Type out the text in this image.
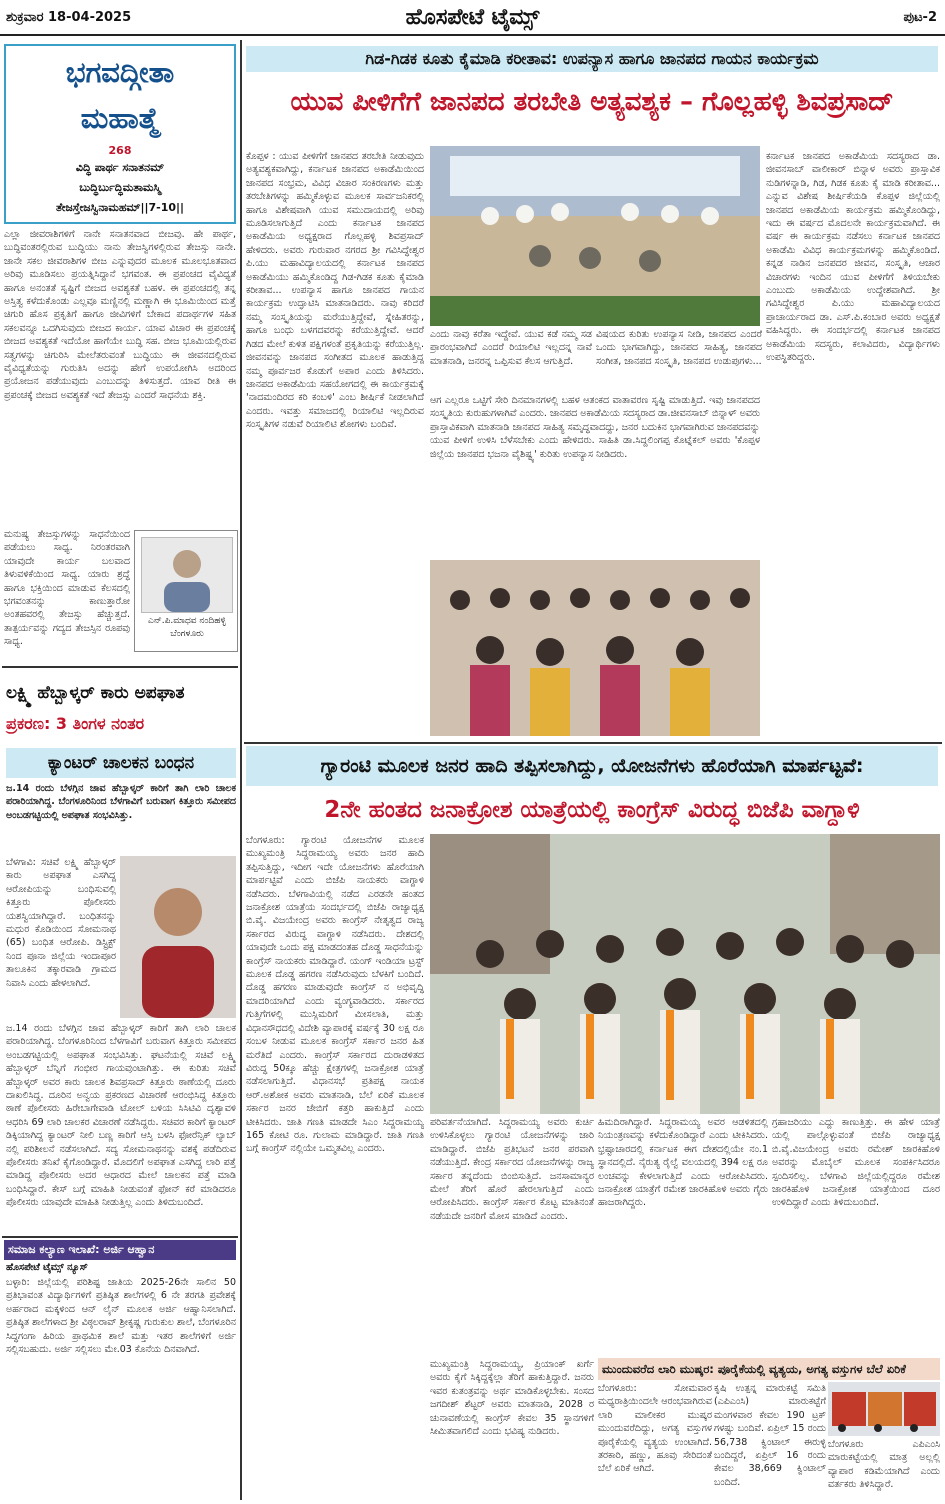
ಶುಕ್ರವಾರ 18-04-2025	ಹೊಸಪೇಟೆ ಟೈಮ್ಸ್	ಪುಟ-2
ಭಗವದ್ಗೀತಾ
ಮಹಾತ್ಮೆ
268
ವಿದ್ಧಿ ಪಾರ್ಥ ಸನಾತನಮ್
ಬುದ್ಧಿರ್ಬುದ್ಧಿಮತಾಮಸ್ಮಿ
ತೇಜಸ್ತೇಜಸ್ವಿನಾಮಹಮ್||7-10||
ಎಲ್ಲಾ ಜೀವರಾಶಿಗಳಿಗೆ ನಾನೇ ಸನಾತನವಾದ ಬೀಜವು. ಹೇ ಪಾರ್ಥ, ಬುದ್ಧಿವಂತರಲ್ಲಿರುವ ಬುದ್ಧಿಯು ನಾನು ತೇಜಸ್ವಿಗಳಲ್ಲಿರುವ ತೇಜಸ್ಸು ನಾನೇ. ಜಾನೇ ಸಕಲ ಜೀವರಾಶಿಗಳ ಬೀಜ ಎನ್ನುವುದರ ಮೂಲಕ ಮೂಲಭೂತವಾದ ಅರಿವು ಮೂಡಿಸಲು ಪ್ರಯತ್ನಿಸಿದ್ದಾನೆ ಭಗವಂತ. ಈ ಪ್ರಪಂಚದ ವೈವಿಧ್ಯತೆ ಹಾಗೂ ಅನಂತತೆ ಸೃಷ್ಟಿಗೆ ಬೀಜದ ಅವಶ್ಯಕತೆ ಬಹಳ. ಈ ಪ್ರಪಂಚದಲ್ಲಿ ತನ್ನ ಅಸ್ತಿತ್ವ ಕಳೆದುಕೊಂಡು ಎಲ್ಲವೂ ಮಣ್ಣಿನಲ್ಲಿ ಮಣ್ಣಾಗಿ ಈ ಭೂಮಿಯಿಂದ ಮತ್ತೆ ಚಿಗುರಿ ಹೊಸ ಪ್ರಕೃತಿಗೆ ಹಾಗೂ ಜೀವಿಗಳಿಗೆ ಬೇಕಾದ ಪದಾರ್ಥಗಳ ಸಹಿತ ಸಕಲವನ್ನೂ ಒದಗಿಸುವುದು ಬೀಜದ ಕಾರ್ಯ. ಯಾವ ವಿಚಾರ ಈ ಪ್ರಪಂಚಕ್ಕೆ ಬೀಜದ ಅವಶ್ಯಕತೆ ಇದೆಯೋ ಹಾಗೆಯೇ ಬುದ್ಧಿ ಸಹ. ಬೀಜ ಭೂಮಿಯಲ್ಲಿರುವ ಸತ್ವಗಳನ್ನು ಚಿಗುರಿಸಿ ಮೇಲೆತರುವಂತೆ ಬುದ್ಧಿಯು ಈ ಜೀವನದಲ್ಲಿರುವ ವೈವಿಧ್ಯತೆಯನ್ನು ಗುರುತಿಸಿ ಅದನ್ನು ಹೇಗೆ ಉಪಯೋಗಿಸಿ ಅದರಿಂದ ಪ್ರಯೋಜನ ಪಡೆಯುವುದು ಎಂಬುದನ್ನು ತಿಳಿಸುತ್ತದೆ. ಯಾವ ರೀತಿ ಈ ಪ್ರಪಂಚಕ್ಕೆ ಬೀಜದ ಅವಶ್ಯಕತೆ ಇದೆ ತೇಜಸ್ಸು ಎಂದರೆ ಸಾಧನೆಯ ಶಕ್ತಿ.
ಮನುಷ್ಯ ತೇಜಸ್ಸುಗಳನ್ನು ಸಾಧನೆಯಿಂದ ಪಡೆಯಲು ಸಾಧ್ಯ. ನಿರಂತರವಾಗಿ ಯಾವುದೇ ಕಾರ್ಯ ಬಲವಾದ ತಿಳುವಳಿಕೆಯಿಂದ ಸಾಧ್ಯ. ಯಾರು ಶ್ರದ್ಧೆ ಹಾಗೂ ಭಕ್ತಿಯಿಂದ ಮಾಡುವ ಕೆಲಸದಲ್ಲಿ ಭಗವಂತನನ್ನು ಕಾಣುತ್ತಾರೋ ಅಂತಹವರಲ್ಲಿ ತೇಜಸ್ಸು ಹೆಚ್ಚುತ್ತದೆ. ತಾತ್ಪರ್ಯವನ್ನು ಗದ್ಯದ ತೇಜಸ್ಸಿನ ರೂಪವು ಸಾಧ್ಯ.
ಎನ್.ಪಿ.ಮಾಧವ ನಂದಿಹಳ್ಳಿ ಬೆಂಗಳೂರು
ಲಕ್ಷ್ಮಿ ಹೆಬ್ಬಾಳ್ಕರ್ ಕಾರು ಅಪಘಾತ
ಪ್ರಕರಣ: 3 ತಿಂಗಳ ನಂತರ
ಕ್ಯಾಂಟರ್ ಚಾಲಕನ ಬಂಧನ
ಜ.14 ರಂದು ಬೆಳಗ್ಗಿನ ಜಾವ ಹೆಬ್ಬಾಳ್ಕರ್ ಕಾರಿಗೆ ತಾಗಿ ಲಾರಿ ಚಾಲಕ ಪರಾರಿಯಾಗಿದ್ದ. ಬೆಂಗಳೂರಿನಿಂದ ಬೆಳಗಾವಿಗೆ ಬರುವಾಗ ಕಿತ್ತೂರು ಸಮೀಪದ ಅಂಬಡಗಟ್ಟಿಯಲ್ಲಿ ಅಪಘಾತ ಸಂಭವಿಸಿತ್ತು.
ಬೆಳಗಾವಿ: ಸಚಿವೆ ಲಕ್ಷ್ಮಿ ಹೆಬ್ಬಾಳ್ಕರ್ ಕಾರು ಅಪಘಾತ ಎಸಗಿದ್ದ ಆರೋಪಿಯನ್ನು ಬಂಧಿಸುವಲ್ಲಿ ಕಿತ್ತೂರು ಪೊಲೀಸರು ಯಶಸ್ವಿಯಾಗಿದ್ದಾರೆ. ಬಂಧಿತನನ್ನು ಮಧುರ ಕೊಡಿಯಿಂದ ಸೋಮನಾಥ (65) ಬಂಧಿತ ಆರೋಪಿ. ಡಿಸ್ಟ್ರಿಕ್ಟ್ ನಿಂದ ಪೂನಾ ಜಿಲ್ಲೆಯ ಇಂದಾಪೂರ ತಾಲೂಕಿನ ತಕ್ಕಾರವಾಡಿ ಗ್ರಾಮದ ನಿವಾಸಿ ಎಂದು ಹೇಳಲಾಗಿದೆ.
ಜ.14 ರಂದು ಬೆಳಗ್ಗಿನ ಜಾವ ಹೆಬ್ಬಾಳ್ಕರ್ ಕಾರಿಗೆ ತಾಗಿ ಲಾರಿ ಚಾಲಕ ಪರಾರಿಯಾಗಿದ್ದ. ಬೆಂಗಳೂರಿನಿಂದ ಬೆಳಗಾವಿಗೆ ಬರುವಾಗ ಕಿತ್ತೂರು ಸಮೀಪದ ಅಂಬಡಗಟ್ಟಿಯಲ್ಲಿ ಅಪಘಾತ ಸಂಭವಿಸಿತ್ತು. ಘಟನೆಯಲ್ಲಿ ಸಚಿವೆ ಲಕ್ಷ್ಮಿ ಹೆಬ್ಬಾಳ್ಕರ್ ಬೆನ್ನಿಗೆ ಗಂಭೀರ ಗಾಯವುಂಟಾಗಿತ್ತು. ಈ ಕುರಿತು ಸಚಿವೆ ಹೆಬ್ಬಾಳ್ಕರ್ ಅವರ ಕಾರು ಚಾಲಕ ಶಿವಪ್ರಸಾದ್ ಕಿತ್ತೂರು ಠಾಣೆಯಲ್ಲಿ ದೂರು ದಾಖಲಿಸಿದ್ದ. ದೂರಿನ ಅನ್ವಯ ಪ್ರಕರಣದ ವಿಚಾರಣೆ ಆರಂಭಿಸಿದ್ದ ಕಿತ್ತೂರು ಠಾಣೆ ಪೊಲೀಸರು ಹಿರೇಬಾಗೇವಾಡಿ ಟೋಲ್ ಬಳಿಯ ಸಿಸಿಟಿವಿ ದೃಶ್ಯಾವಳಿ ಆಧರಿಸಿ 69 ಲಾರಿ ಚಾಲಕರ ವಿಚಾರಣೆ ನಡೆಸಿದ್ದರು. ಸಚಿವರ ಕಾರಿಗೆ ಕ್ಯಾಂಟರ್ ಡಿಕ್ಕಿಯಾಗಿದ್ದ ಕ್ಯಾಂಟರ್ ನೀಲಿ ಬಣ್ಣ ಕಾರಿಗೆ ಆಸ್ತಿ ಬಳಸಿ ಫೋರೆನ್ಸಿಕ್ ಲ್ಯಾಬ್ ನಲ್ಲಿ ಪರಿಶೀಲನೆ ನಡೆಸಲಾಗಿದೆ. ಸದ್ಯ ಸೋಮನಾಥನನ್ನು ವಶಕ್ಕೆ ಪಡೆದಿರುವ ಪೊಲೀಸರು ತನಿಖೆ ಕೈಗೊಂಡಿದ್ದಾರೆ. ಮೊದಲಿಗೆ ಅಪಘಾತ ಎಸಗಿದ್ದ ಲಾರಿ ಪತ್ತೆ ಮಾಡಿದ್ದ ಪೊಲೀಸರು ಅದರ ಆಧಾರದ ಮೇಲೆ ಚಾಲಕನ ಪತ್ತೆ ಮಾಡಿ ಬಂಧಿಸಿದ್ದಾರೆ. ಕೇಸ್ ಬಗ್ಗೆ ಮಾಹಿತಿ ನೀಡುವಂತೆ ಫೋನ್ ಕರೆ ಮಾಡಿದರೂ ಪೊಲೀಸರು ಯಾವುದೇ ಮಾಹಿತಿ ನೀಡುತ್ತಿಲ್ಲ ಎಂದು ತಿಳಿದುಬಂದಿದೆ.
ಸಮಾಜ ಕಲ್ಯಾಣ ಇಲಾಖೆ: ಅರ್ಜಿ ಆಹ್ವಾನ
ಹೊಸಪೇಟೆ ಟೈಮ್ಸ್ ನ್ಯೂಸ್
ಬಳ್ಳಾರಿ: ಜಿಲ್ಲೆಯಲ್ಲಿ ಪರಿಶಿಷ್ಟ ಜಾತಿಯ 2025-26ನೇ ಸಾಲಿನ 50 ಪ್ರತಿಭಾವಂತ ವಿದ್ಯಾರ್ಥಿಗಳಿಗೆ ಪ್ರತಿಷ್ಠಿತ ಶಾಲೆಗಳಲ್ಲಿ 6 ನೇ ತರಗತಿ ಪ್ರವೇಶಕ್ಕೆ ಅರ್ಹರಾದ ಮಕ್ಕಳಿಂದ ಆನ್ ಲೈನ್ ಮೂಲಕ ಅರ್ಜಿ ಆಹ್ವಾನಿಸಲಾಗಿದೆ. ಪ್ರತಿಷ್ಠಿತ ಶಾಲೆಗಳಾದ ಶ್ರೀ ವಿಠ್ಠಲರಾವ್ ಶ್ರೀಕೃಷ್ಣ ಗುರುಕುಲ ಶಾಲೆ, ಬೆಂಗಳೂರಿನ ಸಿದ್ಧಗಂಗಾ ಹಿರಿಯ ಪ್ರಾಥಮಿಕ ಶಾಲೆ ಮತ್ತು ಇತರ ಶಾಲೆಗಳಿಗೆ ಅರ್ಜಿ ಸಲ್ಲಿಸಬಹುದು. ಅರ್ಜಿ ಸಲ್ಲಿಸಲು ಮೇ.03 ಕೊನೆಯ ದಿನವಾಗಿದೆ.
ಗಿಡ-ಗಿಡಕ ಕೂತು ಕೈಮಾಡಿ ಕರೀತಾವ: ಉಪನ್ಯಾಸ ಹಾಗೂ ಜಾನಪದ ಗಾಯನ ಕಾರ್ಯಕ್ರಮ
ಯುವ ಪೀಳಿಗೆಗೆ ಜಾನಪದ ತರಬೇತಿ ಅತ್ಯವಶ್ಯಕ – ಗೊಲ್ಲಹಳ್ಳಿ ಶಿವಪ್ರಸಾದ್
ಕೊಪ್ಪಳ : ಯುವ ಪೀಳಿಗೆಗೆ ಜಾನಪದ ತರಬೇತಿ ನೀಡುವುದು ಅತ್ಯವಶ್ಯಕವಾಗಿದ್ದು, ಕರ್ನಾಟಕ ಜಾನಪದ ಅಕಾಡೆಮಿಯಿಂದ ಜಾನಪದ ಸಂಭ್ರಮ, ವಿವಿಧ ವಿಚಾರ ಸಂಕಿರಣಗಳು ಮತ್ತು ತರಬೇತಿಗಳನ್ನು ಹಮ್ಮಿಕೊಳ್ಳುವ ಮೂಲಕ ಸಾರ್ವಜನಿಕರಲ್ಲಿ ಹಾಗೂ ವಿಶೇಷವಾಗಿ ಯುವ ಸಮುದಾಯದಲ್ಲಿ ಅರಿವು ಮೂಡಿಸಲಾಗುತ್ತಿದೆ ಎಂದು ಕರ್ನಾಟಕ ಜಾನಪದ ಅಕಾಡೆಮಿಯ ಅಧ್ಯಕ್ಷರಾದ ಗೊಲ್ಲಹಳ್ಳಿ ಶಿವಪ್ರಸಾದ್ ಹೇಳಿದರು. ಅವರು ಗುರುವಾರ ನಗರದ ಶ್ರೀ ಗವಿಸಿದ್ಧೇಶ್ವರ ಪಿ.ಯು ಮಹಾವಿದ್ಯಾಲಯದಲ್ಲಿ ಕರ್ನಾಟಕ ಜಾನಪದ ಅಕಾಡೆಮಿಯು ಹಮ್ಮಿಕೊಂಡಿದ್ದ ಗಿಡ-ಗಿಡಕ ಕೂತು ಕೈಮಾಡಿ ಕರೀತಾವ... ಉಪನ್ಯಾಸ ಹಾಗೂ ಜಾನಪದ ಗಾಯನ ಕಾರ್ಯಕ್ರಮ ಉದ್ಘಾಟಿಸಿ ಮಾತನಾಡಿದರು. ನಾವು ಕರಿದರೆ ನಮ್ಮ ಸಂಸ್ಕೃತಿಯನ್ನು ಮರೆಯುತ್ತಿದ್ದೇವೆ, ಸ್ನೇಹಿತರನ್ನು, ಹಾಗೂ ಬಂಧು ಬಳಗದವರನ್ನು ಕರೆಯುತ್ತಿದ್ದೇವೆ. ಆದರೆ ಗಿಡದ ಮೇಲೆ ಕುಳಿತ ಪಕ್ಷಿಗಳಂತೆ ಪ್ರಕೃತಿಯನ್ನು ಕರೆಯುತ್ತಿಲ್ಲ. ಜೀವನವನ್ನು ಜಾನಪದ ಸಂಗೀತದ ಮೂಲಕ ಹಾಡುತ್ತಿದ್ದ ನಮ್ಮ ಪೂರ್ವಜರ ಕೊಡುಗೆ ಅಪಾರ ಎಂದು ತಿಳಿಸಿದರು. ಜಾನಪದ ಅಕಾಡೆಮಿಯ ಸಹಯೋಗದಲ್ಲಿ ಈ ಕಾರ್ಯಕ್ರಮಕ್ಕೆ 'ನಾದಮಂದಿರದ ಕರಿ ಕಂಬಳಿ' ಎಂಬ ಶೀರ್ಷಿಕೆ ನೀಡಲಾಗಿದೆ ಎಂದರು. ಇವತ್ತು ಸಮಾಜದಲ್ಲಿ ರಿಯಾಲಿಟಿ ಇಲ್ಲದಿರುವ ಸಂಸ್ಕೃತಿಗಳ ನಡುವೆ ರಿಯಾಲಿಟಿ ಶೋಗಳು ಬಂದಿವೆ.
ಎಂದು ನಾವು ಕರೆತಾ ಇದ್ದೇವೆ. ಯುವ ಕಡೆ ನಮ್ಮ ಸಡ ಪ್ರಾರಂಭವಾಗಿದೆ ಎಂದರೆ ರಿಯಾಲಿಟಿ ಇಲ್ಲದನ್ನ ನಾವೆ ಮಾತನಾಡಿ, ಜನರನ್ನ ಒಪ್ಪಿಸುವ ಕೆಲಸ ಆಗುತ್ತಿದೆ.
ವಿಷಯದ ಕುರಿತು ಉಪನ್ಯಾಸ ನೀಡಿ, ಜಾನಪದ ಎಂದರೆ ಒಂದು ಭಾಗವಾಗಿದ್ದು, ಜಾನಪದ ಸಾಹಿತ್ಯ, ಜಾನಪದ ಸಂಗೀತ, ಜಾನಪದ ಸಂಸ್ಕೃತಿ, ಜಾನಪದ ಉಡುಪುಗಳು...
ಆಗ ಎಲ್ಲರೂ ಒಟ್ಟಿಗೆ ಸೇರಿ ದಿನಮಾನಗಳಲ್ಲಿ ಬಹಳ ಆತಂಕದ ವಾತಾವರಣ ಸೃಷ್ಟಿ ಮಾಡುತ್ತಿದೆ. ಇವು ಜಾನಪದದ ಸಂಸ್ಕೃತಿಯ ಕುರುಹುಗಳಾಗಿವೆ ಎಂದರು. ಜಾನಪದ ಅಕಾಡೆಮಿಯ ಸದಸ್ಯರಾದ ಡಾ.ಜೀವನಸಾಬ್ ಬಿನ್ನಾಳ್ ಅವರು ಪ್ರಾಸ್ತಾವಿಕವಾಗಿ ಮಾತನಾಡಿ ಜಾನಪದ ಸಾಹಿತ್ಯ ಸಮೃದ್ಧವಾದದ್ದು, ಜನರ ಬದುಕಿನ ಭಾಗವಾಗಿರುವ ಜಾನಪದವನ್ನು ಯುವ ಪೀಳಿಗೆ ಉಳಿಸಿ ಬೆಳೆಸಬೇಕು ಎಂದು ಹೇಳಿದರು. ಸಾಹಿತಿ ಡಾ.ಸಿದ್ದಲಿಂಗಪ್ಪ ಕೊಟ್ನೆಕಲ್ ಅವರು 'ಕೊಪ್ಪಳ ಜಿಲ್ಲೆಯ ಜಾನಪದ ಭಜನಾ ವೈಶಿಷ್ಟ್ಯ' ಕುರಿತು ಉಪನ್ಯಾಸ ನೀಡಿದರು.
ಕರ್ನಾಟಕ ಜಾನಪದ ಅಕಾಡೆಮಿಯ ಸದಸ್ಯರಾದ ಡಾ. ಜೀವನಸಾಬ್ ವಾಲೀಕಾರ್ ಬಿನ್ನಾಳ ಅವರು ಪ್ರಾಸ್ತಾವಿಕ ನುಡಿಗಳನ್ನಾಡಿ, ಗಿಡ, ಗಿಡಕ ಕೂತು ಕೈ ಮಾಡಿ ಕರೀತಾವ... ಎನ್ನುವ ವಿಶೇಷ ಶೀರ್ಷಿಕೆಯಡಿ ಕೊಪ್ಪಳ ಜಿಲ್ಲೆಯಲ್ಲಿ ಜಾನಪದ ಅಕಾಡೆಮಿಯ ಕಾರ್ಯಕ್ರಮ ಹಮ್ಮಿಕೊಂಡಿದ್ದು, ಇದು ಈ ವರ್ಷದ ಮೊದಲನೇ ಕಾರ್ಯಕ್ರಮವಾಗಿದೆ. ಈ ವರ್ಷ ಈ ಕಾರ್ಯಕ್ರಮ ನಡೆಸಲು ಕರ್ನಾಟಕ ಜಾನಪದ ಅಕಾಡೆಮಿ ವಿವಿಧ ಕಾರ್ಯಕ್ರಮಗಳನ್ನು ಹಮ್ಮಿಕೊಂಡಿದೆ. ಕನ್ನಡ ನಾಡಿನ ಜನಪದರ ಜೀವನ, ಸಂಸ್ಕೃತಿ, ಆಚಾರ ವಿಚಾರಗಳು ಇಂದಿನ ಯುವ ಪೀಳಿಗೆಗೆ ತಿಳಿಯಬೇಕು ಎಂಬುದು ಅಕಾಡೆಮಿಯ ಉದ್ದೇಶವಾಗಿದೆ. ಶ್ರೀ ಗವಿಸಿದ್ಧೇಶ್ವರ ಪಿ.ಯು ಮಹಾವಿದ್ಯಾಲಯದ ಪ್ರಾಚಾರ್ಯರಾದ ಡಾ. ಎಸ್.ಪಿ.ಕಂಬಾರ ಅವರು ಅಧ್ಯಕ್ಷತೆ ವಹಿಸಿದ್ದರು. ಈ ಸಂದರ್ಭದಲ್ಲಿ ಕರ್ನಾಟಕ ಜಾನಪದ ಅಕಾಡೆಮಿಯ ಸದಸ್ಯರು, ಕಲಾವಿದರು, ವಿದ್ಯಾರ್ಥಿಗಳು ಉಪಸ್ಥಿತರಿದ್ದರು.
ಗ್ಯಾರಂಟಿ ಮೂಲಕ ಜನರ ಹಾದಿ ತಪ್ಪಿಸಲಾಗಿದ್ದು, ಯೋಜನೆಗಳು ಹೊರೆಯಾಗಿ ಮಾರ್ಪಟ್ಟವೆ:
2ನೇ ಹಂತದ ಜನಾಕ್ರೋಶ ಯಾತ್ರೆಯಲ್ಲಿ ಕಾಂಗ್ರೆಸ್ ವಿರುದ್ಧ ಬಿಜೆಪಿ ವಾಗ್ದಾಳಿ
ಬೆಂಗಳೂರು: ಗ್ಯಾರಂಟಿ ಯೋಜನೆಗಳ ಮೂಲಕ ಮುಖ್ಯಮಂತ್ರಿ ಸಿದ್ದರಾಮಯ್ಯ ಅವರು ಜನರ ಹಾದಿ ತಪ್ಪಿಸುತ್ತಿದ್ದು, ಇದೀಗ ಇದೇ ಯೋಜನೆಗಳು ಹೊರೆಯಾಗಿ ಮಾರ್ಪಟ್ಟಿವೆ ಎಂದು ಬಿಜೆಪಿ ನಾಯಕರು ವಾಗ್ದಾಳಿ ನಡೆಸಿದರು. ಬೆಳಗಾವಿಯಲ್ಲಿ ನಡೆದ ಎರಡನೇ ಹಂತದ ಜನಾಕ್ರೋಶ ಯಾತ್ರೆಯ ಸಂದರ್ಭದಲ್ಲಿ ಬಿಜೆಪಿ ರಾಜ್ಯಾಧ್ಯಕ್ಷ ಬಿ.ವೈ. ವಿಜಯೇಂದ್ರ ಅವರು ಕಾಂಗ್ರೆಸ್ ನೇತೃತ್ವದ ರಾಜ್ಯ ಸರ್ಕಾರದ ವಿರುದ್ಧ ವಾಗ್ದಾಳಿ ನಡೆಸಿದರು. ದೇಶದಲ್ಲಿ ಯಾವುದೇ ಒಂದು ಪಕ್ಷ ಮಾಡದಂತಹ ದೊಡ್ಡ ಸಾಧನೆಯನ್ನು ಕಾಂಗ್ರೆಸ್ ನಾಯಕರು ಮಾಡಿದ್ದಾರೆ. ಯಂಗ್ ಇಂಡಿಯಾ ಟ್ರಸ್ಟ್ ಮೂಲಕ ದೊಡ್ಡ ಹಗರಣ ನಡೆಸಿರುವುದು ಬೆಳಕಿಗೆ ಬಂದಿದೆ. ದೊಡ್ಡ ಹಗರಣ ಮಾಡುವುದೇ ಕಾಂಗ್ರೆಸ್ ನ ಅಭಿವೃದ್ಧಿ ಮಾದರಿಯಾಗಿದೆ ಎಂದು ವ್ಯಂಗ್ಯವಾಡಿದರು. ಸರ್ಕಾರದ ಗುತ್ತಿಗೆಗಳಲ್ಲಿ ಮುಸ್ಲಿಮರಿಗೆ ಮೀಸಲಾತಿ, ಮತ್ತು ವಿಧಾನಸೌಧದಲ್ಲಿ ವಿದೇಶಿ ವ್ಯಾಪಾರಕ್ಕೆ ವರ್ಷಕ್ಕೆ 30 ಲಕ್ಷ ರೂ ಸಂಬಳ ನೀಡುವ ಮೂಲಕ ಕಾಂಗ್ರೆಸ್ ಸರ್ಕಾರ ಜನರ ಹಿತ ಮರೆತಿದೆ ಎಂದರು. ಕಾಂಗ್ರೆಸ್ ಸರ್ಕಾರದ ದುರಾಡಳಿತದ ವಿರುದ್ಧ 50ಕ್ಕೂ ಹೆಚ್ಚು ಕ್ಷೇತ್ರಗಳಲ್ಲಿ ಜನಾಕ್ರೋಶ ಯಾತ್ರೆ ನಡೆಸಲಾಗುತ್ತಿದೆ. ವಿಧಾನಸಭೆ ಪ್ರತಿಪಕ್ಷ ನಾಯಕ ಆರ್.ಅಶೋಕ ಅವರು ಮಾತನಾಡಿ, ಬೆಲೆ ಏರಿಕೆ ಮೂಲಕ ಸರ್ಕಾರ ಜನರ ಜೇಬಿಗೆ ಕತ್ತರಿ ಹಾಕುತ್ತಿದೆ ಎಂದು ಟೀಕಿಸಿದರು. ಜಾತಿ ಗಣತಿ ಮಾಡದೇ ಸಿಎಂ ಸಿದ್ದರಾಮಯ್ಯ 165 ಕೋಟಿ ರೂ. ಗುಲಾಮ ಮಾಡಿದ್ದಾರೆ. ಜಾತಿ ಗಣತಿ ಬಗ್ಗೆ ಕಾಂಗ್ರೆಸ್ ನಲ್ಲಿಯೇ ಒಮ್ಮತವಿಲ್ಲ ಎಂದರು.
ಪರಿವರ್ತನೆಯಾಗಿದೆ. ಸಿದ್ದರಾಮಯ್ಯ ಅವರು ಕುರ್ಚಿ ಉಳಿಸಿಕೊಳ್ಳಲು ಗ್ಯಾರಂಟಿ ಯೋಜನೆಗಳನ್ನು ಜಾರಿ ಮಾಡಿದ್ದಾರೆ. ಬಿಜೆಪಿ ಪ್ರತಿಭಟನೆ ಜನರ ಪರವಾಗಿ ನಡೆಯುತ್ತಿದೆ. ಕೇಂದ್ರ ಸರ್ಕಾರದ ಯೋಜನೆಗಳನ್ನು ರಾಜ್ಯ ಸರ್ಕಾರ ತನ್ನದೆಂದು ಬಿಂಬಿಸುತ್ತಿದೆ. ಜನಸಾಮಾನ್ಯರ ಮೇಲೆ ತೆರಿಗೆ ಹೊರೆ ಹೇರಲಾಗುತ್ತಿದೆ ಎಂದು ಆರೋಪಿಸಿದರು. ಕಾಂಗ್ರೆಸ್ ಸರ್ಕಾರ ಕೊಟ್ಟ ಮಾತಿನಂತೆ ನಡೆಯದೇ ಜನರಿಗೆ ಮೋಸ ಮಾಡಿದೆ ಎಂದರು.
ಹಿಮದಿರಾಗಿದ್ದಾರೆ. ಸಿದ್ದರಾಮಯ್ಯ ಅವರ ಆಡಳಿತದಲ್ಲಿ ನಿಯಂತ್ರಣವನ್ನು ಕಳೆದುಕೊಂಡಿದ್ದಾರೆ ಎಂದು ಟೀಕಿಸಿದರು. ಭ್ರಷ್ಟಾಚಾರದಲ್ಲಿ ಕರ್ನಾಟಕ ಈಗ ದೇಶದಲ್ಲಿಯೇ ನಂ.1 ಸ್ಥಾನದಲ್ಲಿದೆ. ನೈರುತ್ಯ ರೈಲ್ವೆ ವಲಯದಲ್ಲಿ 394 ಲಕ್ಷ ರೂ ಲಂಚವನ್ನು ಕೇಳಲಾಗುತ್ತಿದೆ ಎಂದು ಆರೋಪಿಸಿದರು. ಜನಾಕ್ರೋಶ ಯಾತ್ರೆಗೆ ರಮೇಶ ಜಾರಕಿಹೊಳಿ ಅವರು ಗೈರು ಹಾಜರಾಗಿದ್ದರು.
ಗ್ರಹಾಜರಿಯು ಎದ್ದು ಕಾಣುತ್ತಿತ್ತು. ಈ ಹೇಳ ಯಾತ್ರೆ ಯಲ್ಲಿ ಪಾಲ್ಗೊಳ್ಳುವಂತೆ ಬಿಜೆಪಿ ರಾಜ್ಯಾಧ್ಯಕ್ಷ ಬಿ.ವೈ.ವಿಜಯೇಂದ್ರ ಅವರು ರಮೇಶ್ ಜಾರಕಿಹೊಳಿ ಅವರನ್ನು ಮೊಬೈಲ್ ಮೂಲಕ ಸಂಪರ್ಕಿಸಿದರೂ ಸ್ಪಂದಿಸಲಿಲ್ಲ. ಬೆಳಗಾವಿ ಜಿಲ್ಲೆಯಲ್ಲಿದ್ದರೂ ರಮೇಶ ಜಾರಕಿಹೊಳಿ ಜನಾಕ್ರೋಶ ಯಾತ್ರೆಯಿಂದ ದೂರ ಉಳಿದಿದ್ದಾರೆ ಎಂದು ತಿಳಿದುಬಂದಿದೆ.
ಮುಖ್ಯಮಂತ್ರಿ ಸಿದ್ದರಾಮಯ್ಯ, ಪ್ರಿಯಾಂಕ್ ಖರ್ಗೆ ಅವರು ಕೈಗೆ ಸಿಕ್ಕಿದ್ದಕ್ಕೆಲ್ಲಾ ತೆರಿಗೆ ಹಾಕುತ್ತಿದ್ದಾರೆ. ಜನರು ಇವರ ಕುತಂತ್ರವನ್ನು ಅರ್ಥ ಮಾಡಿಕೊಳ್ಳಬೇಕು. ಸಂಸದ ಜಗದೀಶ್ ಶೆಟ್ಟರ್ ಅವರು ಮಾತನಾಡಿ, 2028 ರ ಚುನಾವಣೆಯಲ್ಲಿ ಕಾಂಗ್ರೆಸ್ ಕೇವಲ 35 ಸ್ಥಾನಗಳಿಗೆ ಸೀಮಿತವಾಗಲಿದೆ ಎಂದು ಭವಿಷ್ಯ ನುಡಿದರು.
ಮುಂದುವರೆದ ಲಾರಿ ಮುಷ್ಕರ: ಪೂರೈಕೆಯಲ್ಲಿ ವ್ಯತ್ಯಯ, ಅಗತ್ಯ ವಸ್ತುಗಳ ಬೆಲೆ ಏರಿಕೆ
ಬೆಂಗಳೂರು: ಸೋಮವಾರ ಮಧ್ಯರಾತ್ರಿಯಿಂದಲೇ ಆರಂಭವಾಗಿರುವ ಲಾರಿ ಮಾಲೀಕರ ಮುಷ್ಕರ ಮುಂದುವರೆದಿದ್ದು, ಅಗತ್ಯ ವಸ್ತುಗಳ ಪೂರೈಕೆಯಲ್ಲಿ ವ್ಯತ್ಯಯ ಉಂಟಾಗಿದೆ. ತರಕಾರಿ, ಹಣ್ಣು, ಹೂವು ಸೇರಿದಂತೆ ಬೆಲೆ ಏರಿಕೆ ಆಗಿದೆ.
ಕೃಷಿ ಉತ್ಪನ್ನ ಮಾರುಕಟ್ಟೆ ಸಮಿತಿ (ಎಪಿಎಂಸಿ) ಮಾರುಕಟ್ಟೆಗೆ ಮಂಗಳವಾರ ಕೇವಲ 190 ಟ್ರಕ್ ಗಳಷ್ಟು ಬಂದಿವೆ. ಏಪ್ರಿಲ್ 15 ರಂದು 56,738 ಕ್ವಿಂಟಾಲ್ ಈರುಳ್ಳಿ ಬಂದಿದ್ದರೆ, ಏಪ್ರಿಲ್ 16 ರಂದು ಕೇವಲ 38,669 ಕ್ವಿಂಟಾಲ್ ಬಂದಿದೆ.
ಬೆಂಗಳೂರು ಎಪಿಎಂಸಿ ಮಾರುಕಟ್ಟೆಯಲ್ಲಿ ಮಾತ್ರ ಅಲ್ಲಲ್ಲಿ ವ್ಯಾಪಾರ ಕಡಿಮೆಯಾಗಿದೆ ಎಂದು ವರ್ತಕರು ತಿಳಿಸಿದ್ದಾರೆ.
